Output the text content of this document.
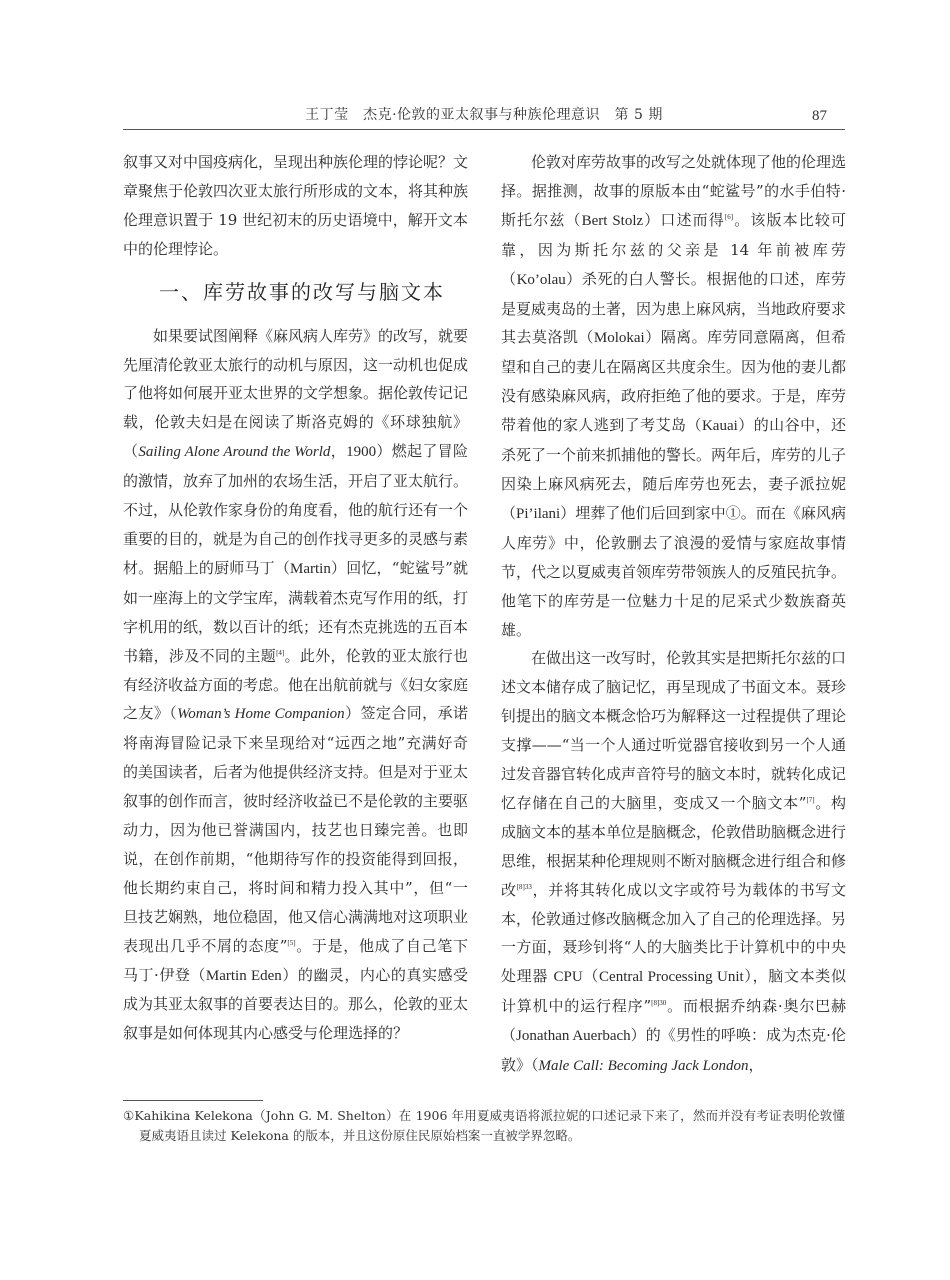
王丁莹　杰克·伦敦的亚太叙事与种族伦理意识　第 5 期	87

叙事又对中国疫病化，呈现出种族伦理的悖论呢？文章聚焦于伦敦四次亚太旅行所形成的文本，将其种族伦理意识置于 19 世纪初末的历史语境中，解开文本中的伦理悖论。

一、库劳故事的改写与脑文本

如果要试图阐释《麻风病人库劳》的改写，就要先厘清伦敦亚太旅行的动机与原因，这一动机也促成了他将如何展开亚太世界的文学想象。据伦敦传记记载，伦敦夫妇是在阅读了斯洛克姆的《环球独航》（Sailing Alone Around the World，1900）燃起了冒险的激情，放弃了加州的农场生活，开启了亚太航行。不过，从伦敦作家身份的角度看，他的航行还有一个重要的目的，就是为自己的创作找寻更多的灵感与素材。据船上的厨师马丁（Martin）回忆，“蛇鲨号”就如一座海上的文学宝库，满载着杰克写作用的纸，打字机用的纸，数以百计的纸；还有杰克挑选的五百本书籍，涉及不同的主题[4]。此外，伦敦的亚太旅行也有经济收益方面的考虑。他在出航前就与《妇女家庭之友》（Woman’s Home Companion）签定合同，承诺将南海冒险记录下来呈现给对“远西之地”充满好奇的美国读者，后者为他提供经济支持。但是对于亚太叙事的创作而言，彼时经济收益已不是伦敦的主要驱动力，因为他已誉满国内，技艺也日臻完善。也即说，在创作前期，“他期待写作的投资能得到回报，他长期约束自己，将时间和精力投入其中”，但“一旦技艺娴熟，地位稳固，他又信心满满地对这项职业表现出几乎不屑的态度”[5]。于是，他成了自己笔下马丁·伊登（Martin Eden）的幽灵，内心的真实感受成为其亚太叙事的首要表达目的。那么，伦敦的亚太叙事是如何体现其内心感受与伦理选择的？

伦敦对库劳故事的改写之处就体现了他的伦理选择。据推测，故事的原版本由“蛇鲨号”的水手伯特·斯托尔兹（Bert Stolz）口述而得[6]。该版本比较可靠，因为斯托尔兹的父亲是 14 年前被库劳（Ko’olau）杀死的白人警长。根据他的口述，库劳是夏威夷岛的土著，因为患上麻风病，当地政府要求其去莫洛凯（Molokai）隔离。库劳同意隔离，但希望和自己的妻儿在隔离区共度余生。因为他的妻儿都没有感染麻风病，政府拒绝了他的要求。于是，库劳带着他的家人逃到了考艾岛（Kauai）的山谷中，还杀死了一个前来抓捕他的警长。两年后，库劳的儿子因染上麻风病死去，随后库劳也死去，妻子派拉妮（Pi’ilani）埋葬了他们后回到家中①。而在《麻风病人库劳》中，伦敦删去了浪漫的爱情与家庭故事情节，代之以夏威夷首领库劳带领族人的反殖民抗争。他笔下的库劳是一位魅力十足的尼采式少数族裔英雄。

在做出这一改写时，伦敦其实是把斯托尔兹的口述文本储存成了脑记忆，再呈现成了书面文本。聂珍钊提出的脑文本概念恰巧为解释这一过程提供了理论支撑——“当一个人通过听觉器官接收到另一个人通过发音器官转化成声音符号的脑文本时，就转化成记忆存储在自己的大脑里，变成又一个脑文本”[7]。构成脑文本的基本单位是脑概念，伦敦借助脑概念进行思维，根据某种伦理规则不断对脑概念进行组合和修改$^{[8]33}$，并将其转化成以文字或符号为载体的书写文本，伦敦通过修改脑概念加入了自己的伦理选择。另一方面，聂珍钊将“人的大脑类比于计算机中的中央处理器 CPU（Central Processing Unit），脑文本类似计算机中的运行程序”$^{[8]30}$。而根据乔纳森·奥尔巴赫（Jonathan Auerbach）的《男性的呼唤：成为杰克·伦敦》（Male Call: Becoming Jack London，

①Kahikina Kelekona（John G. M. Shelton）在 1906 年用夏威夷语将派拉妮的口述记录下来了，然而并没有考证表明伦敦懂夏威夷语且读过 Kelekona 的版本，并且这份原住民原始档案一直被学界忽略。
